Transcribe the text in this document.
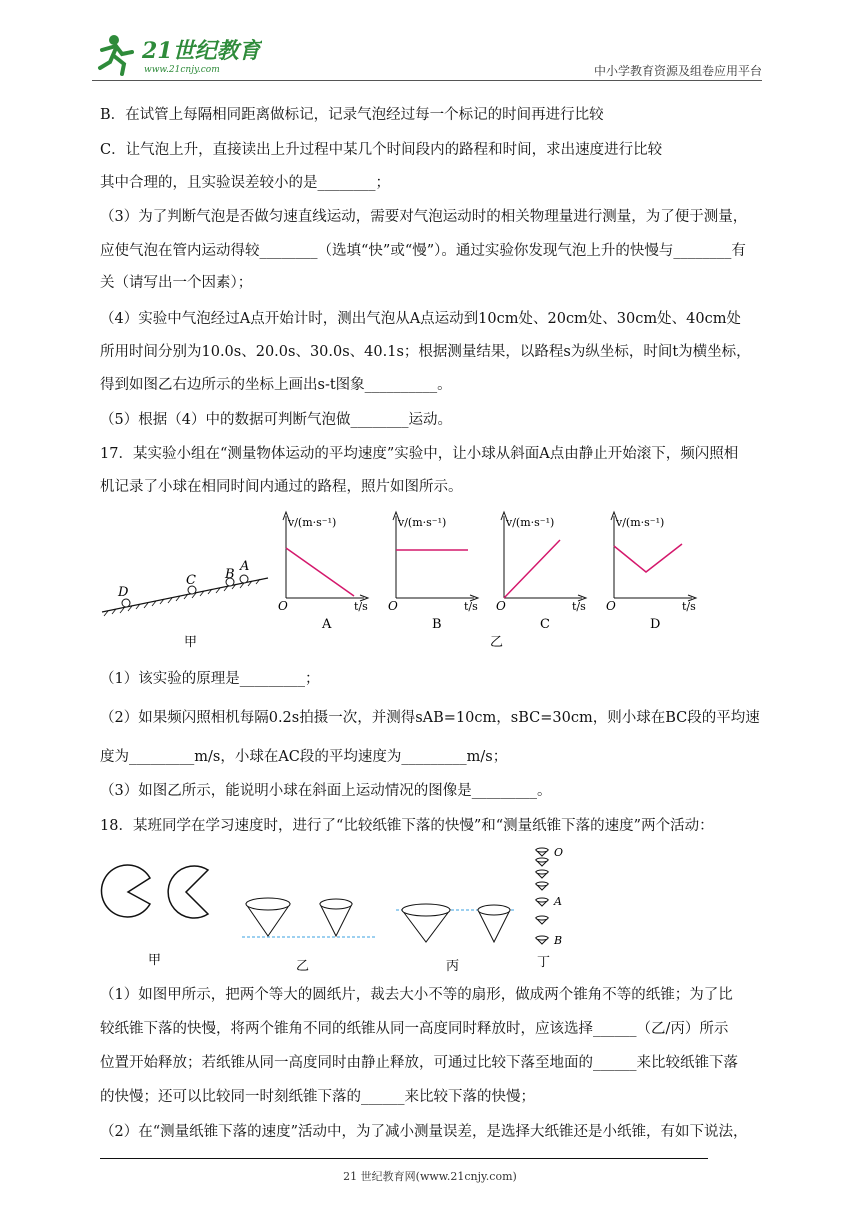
21世纪教育
www.21cnjy.com	中小学教育资源及组卷应用平台
B．在试管上每隔相同距离做标记，记录气泡经过每一个标记的时间再进行比较
C．让气泡上升，直接读出上升过程中某几个时间段内的路程和时间，求出速度进行比较
其中合理的，且实验误差较小的是________；
（3）为了判断气泡是否做匀速直线运动，需要对气泡运动时的相关物理量进行测量，为了便于测量，
应使气泡在管内运动得较________（选填“快”或“慢”）。通过实验你发现气泡上升的快慢与________有
关（请写出一个因素）；
（4）实验中气泡经过A点开始计时，测出气泡从A点运动到10cm处、20cm处、30cm处、40cm处
所用时间分别为10.0s、20.0s、30.0s、40.1s；根据测量结果，以路程s为纵坐标，时间t为横坐标，
得到如图乙右边所示的坐标上画出s-t图象__________。
（5）根据（4）中的数据可判断气泡做________运动。
17．某实验小组在“测量物体运动的平均速度”实验中，让小球从斜面A点由静止开始滚下，频闪照相
机记录了小球在相同时间内通过的路程，照片如图所示。
D
C B
A
v/(m·s⁻¹)
O	t/s
A
v/(m·s⁻¹)
O	t/s
B
v/(m·s⁻¹)
O	t/s
C
v/(m·s⁻¹)
O	t/s
D
甲	乙
（1）该实验的原理是_________；
（2）如果频闪照相机每隔0.2s拍摄一次，并测得sAB=10cm，sBC=30cm，则小球在BC段的平均速
度为_________m/s，小球在AC段的平均速度为_________m/s；
（3）如图乙所示，能说明小球在斜面上运动情况的图像是_________。
18．某班同学在学习速度时，进行了“比较纸锥下落的快慢”和“测量纸锥下落的速度”两个活动：
甲	乙	丙
O
A
B
丁
（1）如图甲所示，把两个等大的圆纸片，裁去大小不等的扇形，做成两个锥角不等的纸锥；为了比
较纸锥下落的快慢，将两个锥角不同的纸锥从同一高度同时释放时，应该选择______（乙/丙）所示
位置开始释放；若纸锥从同一高度同时由静止释放，可通过比较下落至地面的______来比较纸锥下落
的快慢；还可以比较同一时刻纸锥下落的______来比较下落的快慢；
（2）在“测量纸锥下落的速度”活动中，为了减小测量误差，是选择大纸锥还是小纸锥，有如下说法，
21 世纪教育网(www.21cnjy.com)
